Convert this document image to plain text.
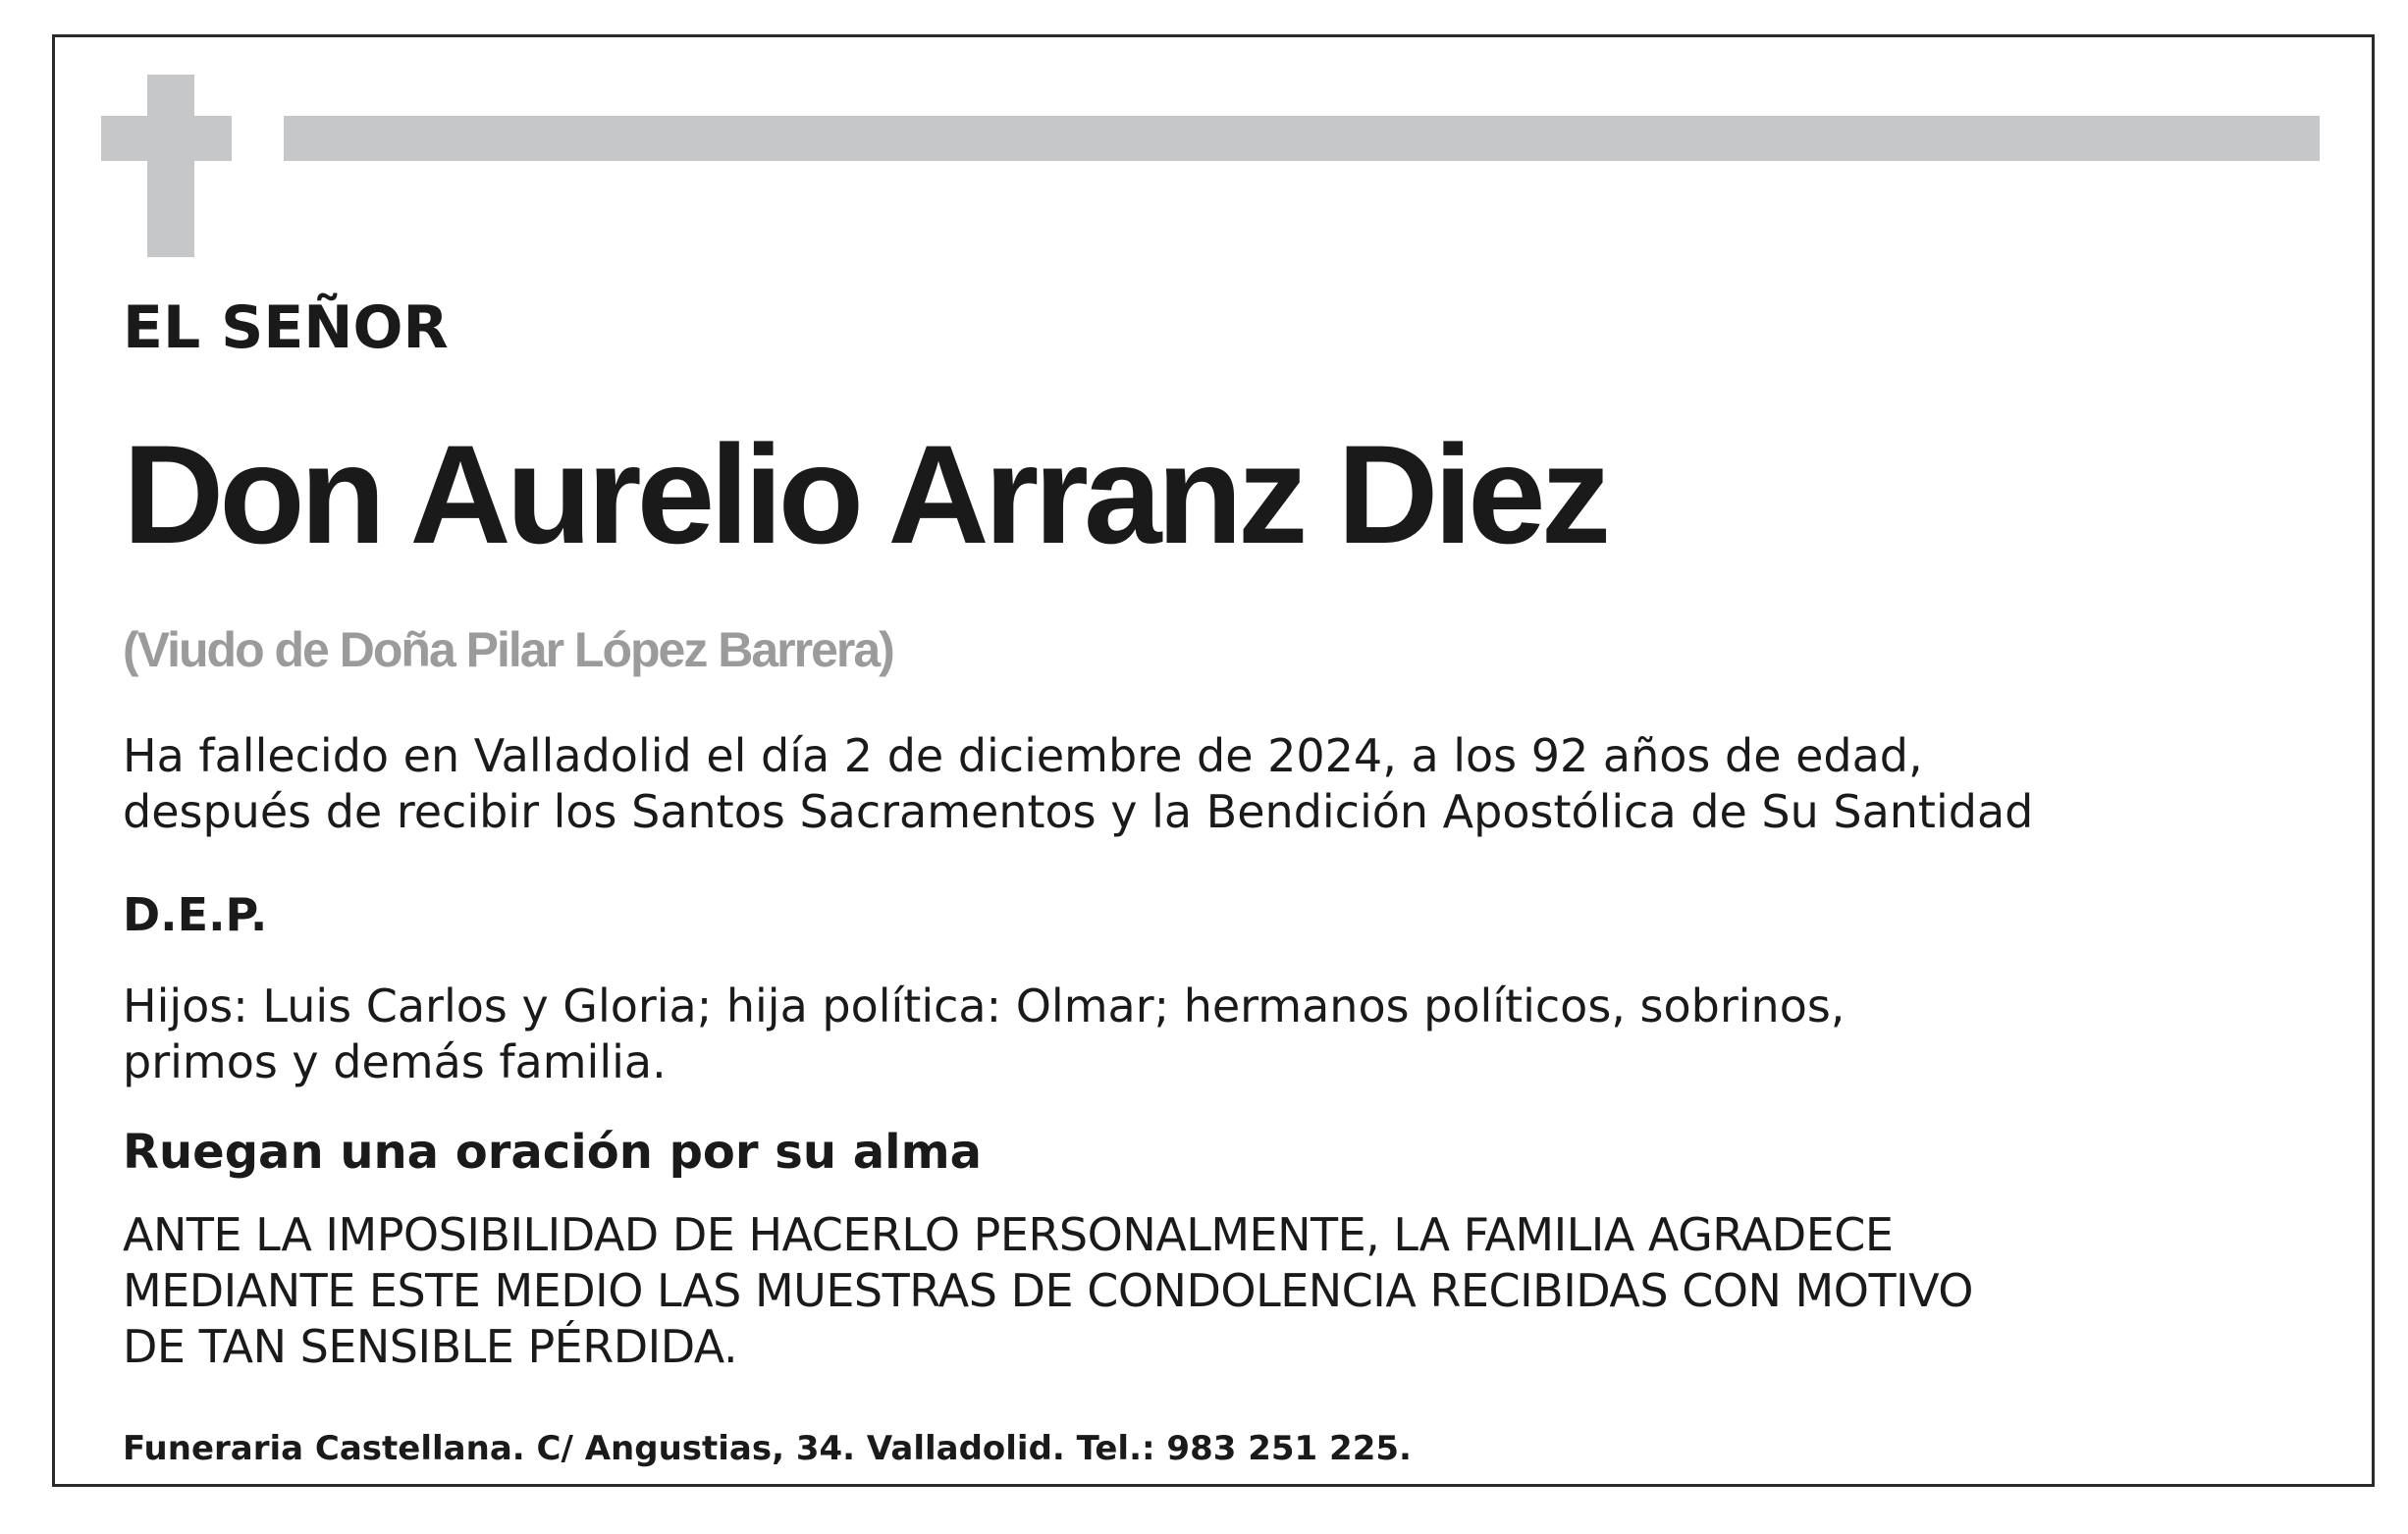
EL SEÑOR

Don Aurelio Arranz Diez

(Viudo de Doña Pilar López Barrera)

Ha fallecido en Valladolid el día 2 de diciembre de 2024, a los 92 años de edad,
después de recibir los Santos Sacramentos y la Bendición Apostólica de Su Santidad

D.E.P.

Hijos: Luis Carlos y Gloria; hija política: Olmar; hermanos políticos, sobrinos,
primos y demás familia.

Ruegan una oración por su alma

ANTE LA IMPOSIBILIDAD DE HACERLO PERSONALMENTE, LA FAMILIA AGRADECE
MEDIANTE ESTE MEDIO LAS MUESTRAS DE CONDOLENCIA RECIBIDAS CON MOTIVO
DE TAN SENSIBLE PÉRDIDA.

Funeraria Castellana. C/ Angustias, 34. Valladolid. Tel.: 983 251 225.
